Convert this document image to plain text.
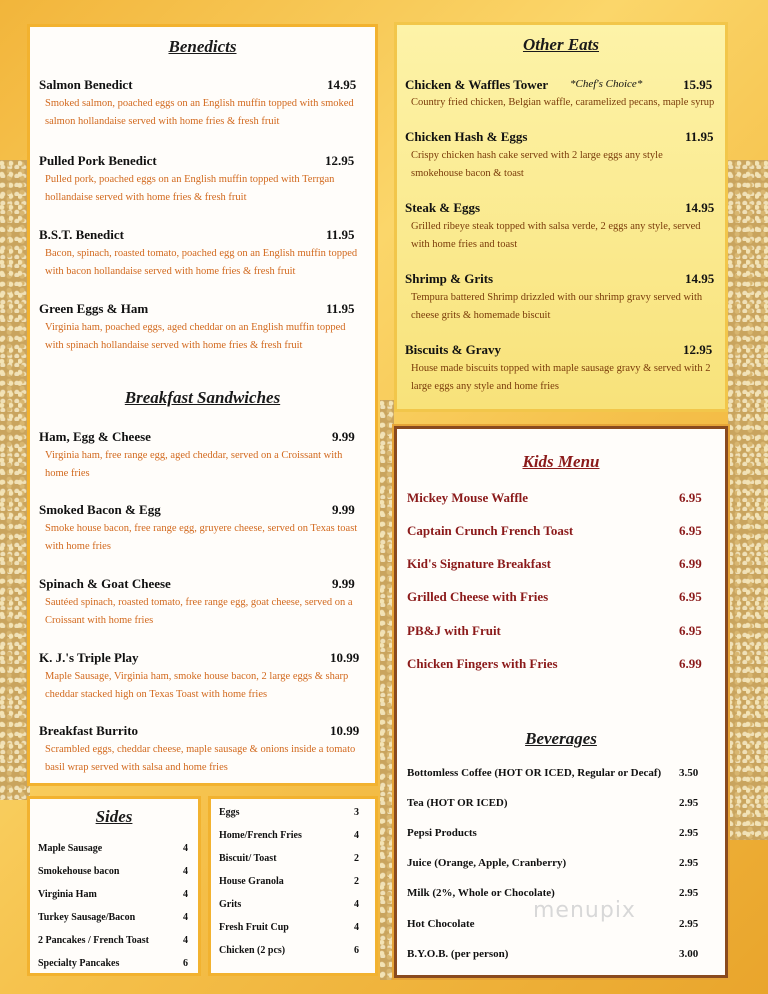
Benedicts
Salmon Benedict	14.95
Smoked salmon, poached eggs on an English muffin topped with smoked salmon hollandaise served with home fries & fresh fruit
Pulled Pork Benedict	12.95
Pulled pork, poached eggs on an English muffin topped with Terrgan hollandaise served with home fries & fresh fruit
B.S.T. Benedict	11.95
Bacon, spinach, roasted tomato, poached egg on an English muffin topped with bacon hollandaise served with home fries & fresh fruit
Green Eggs & Ham	11.95
Virginia ham, poached eggs, aged cheddar on an English muffin topped with spinach hollandaise served with home fries & fresh fruit
Breakfast Sandwiches
Ham, Egg & Cheese	9.99
Virginia ham, free range egg, aged cheddar, served on a Croissant with home fries
Smoked Bacon & Egg	9.99
Smoke house bacon, free range egg, gruyere cheese, served on Texas toast with home fries
Spinach & Goat Cheese	9.99
Sautéed spinach, roasted tomato, free range egg, goat cheese, served on a Croissant with home fries
K. J.'s Triple Play	10.99
Maple Sausage, Virginia ham, smoke house bacon, 2 large eggs & sharp cheddar stacked high on Texas Toast with home fries
Breakfast Burrito	10.99
Scrambled eggs, cheddar cheese, maple sausage & onions inside a tomato basil wrap served with salsa and home fries
Other Eats
Chicken & Waffles Tower *Chef's Choice*	15.95
Country fried chicken, Belgian waffle, caramelized pecans, maple syrup
Chicken Hash & Eggs	11.95
Crispy chicken hash cake served with 2 large eggs any style smokehouse bacon & toast
Steak & Eggs	14.95
Grilled ribeye steak topped with salsa verde, 2 eggs any style, served with home fries and toast
Shrimp & Grits	14.95
Tempura battered Shrimp drizzled with our shrimp gravy served with cheese grits & homemade biscuit
Biscuits & Gravy	12.95
House made biscuits topped with maple sausage gravy & served with 2 large eggs any style and home fries
Kids Menu
Mickey Mouse Waffle	6.95
Captain Crunch French Toast	6.95
Kid's Signature Breakfast	6.99
Grilled Cheese with Fries	6.95
PB&J with Fruit	6.95
Chicken Fingers with Fries	6.99
Beverages
Bottomless Coffee (HOT OR ICED, Regular or Decaf) 3.50
Tea (HOT OR ICED)	2.95
Pepsi Products	2.95
Juice (Orange, Apple, Cranberry)	2.95
Milk (2%, Whole or Chocolate)	2.95
Hot Chocolate	2.95
B.Y.O.B. (per person)	3.00
Sides
Maple Sausage	4
Smokehouse bacon	4
Virginia Ham	4
Turkey Sausage/Bacon	4
2 Pancakes / French Toast	4
Specialty Pancakes	6
Eggs	3
Home/French Fries	4
Biscuit/ Toast	2
House Granola	2
Grits	4
Fresh Fruit Cup	4
Chicken (2 pcs)	6
menupix
